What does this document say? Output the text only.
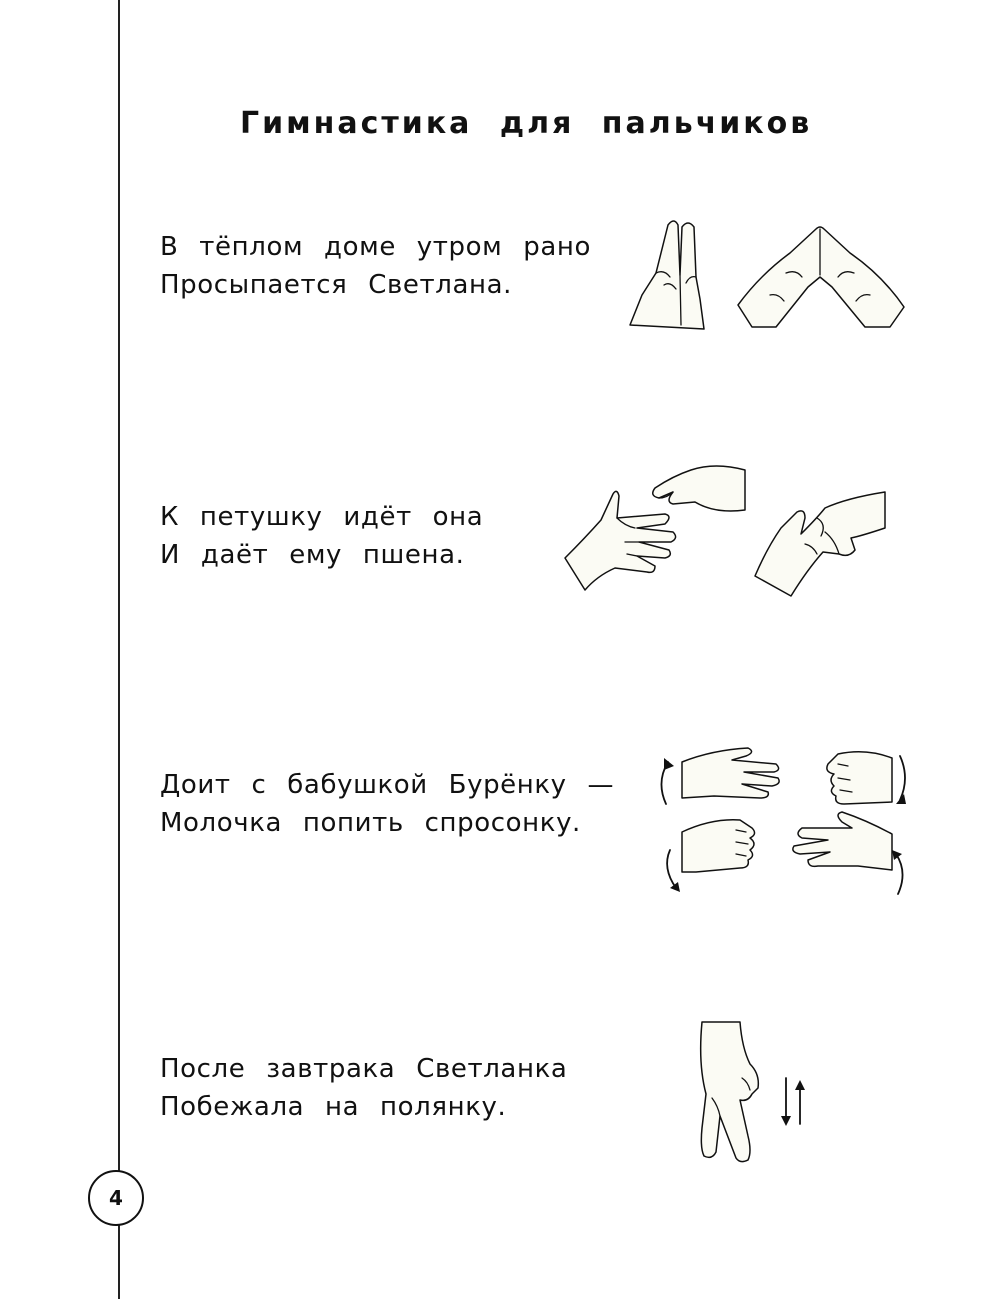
Гимнастика для пальчиков
В тёплом доме утром рано
Просыпается Светлана.
К петушку идёт она
И даёт ему пшена.
Доит с бабушкой Бурёнку —
Молочка попить спросонку.
После завтрака Светланка
Побежала на полянку.
4
